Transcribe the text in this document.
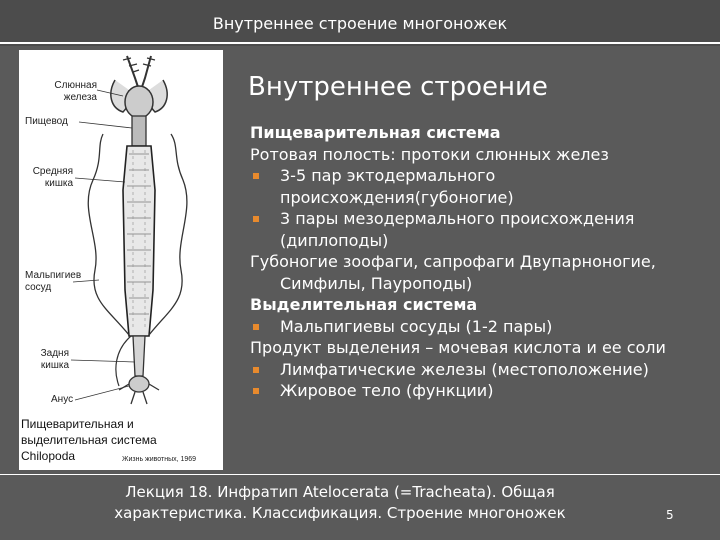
Внутреннее строение многоножек
Слюнная
железа
Пищевод
Средняя
кишка
Мальпигиев
сосуд
Задня
кишка
Анус
Пищеварительная и
выделительная система
Chilopoda	Жизнь животных, 1969
Внутреннее строение
Пищеварительная система
Ротовая полость: протоки слюнных желез
3-5 пар эктодермального
происхождения(губоногие)
3 пары мезодермального происхождения
(диплоподы)
Губоногие зоофаги, сапрофаги Двупарноногие,
Симфилы, Пауроподы)
Выделительная система
Мальпигиевы сосуды (1-2 пары)
Продукт выделения – мочевая кислота и ее соли
Лимфатические железы (местоположение)
Жировое тело (функции)
Лекция 18. Инфратип Atelocerata (=Tracheata). Общая
характеристика. Классификация. Строение многоножек	5
